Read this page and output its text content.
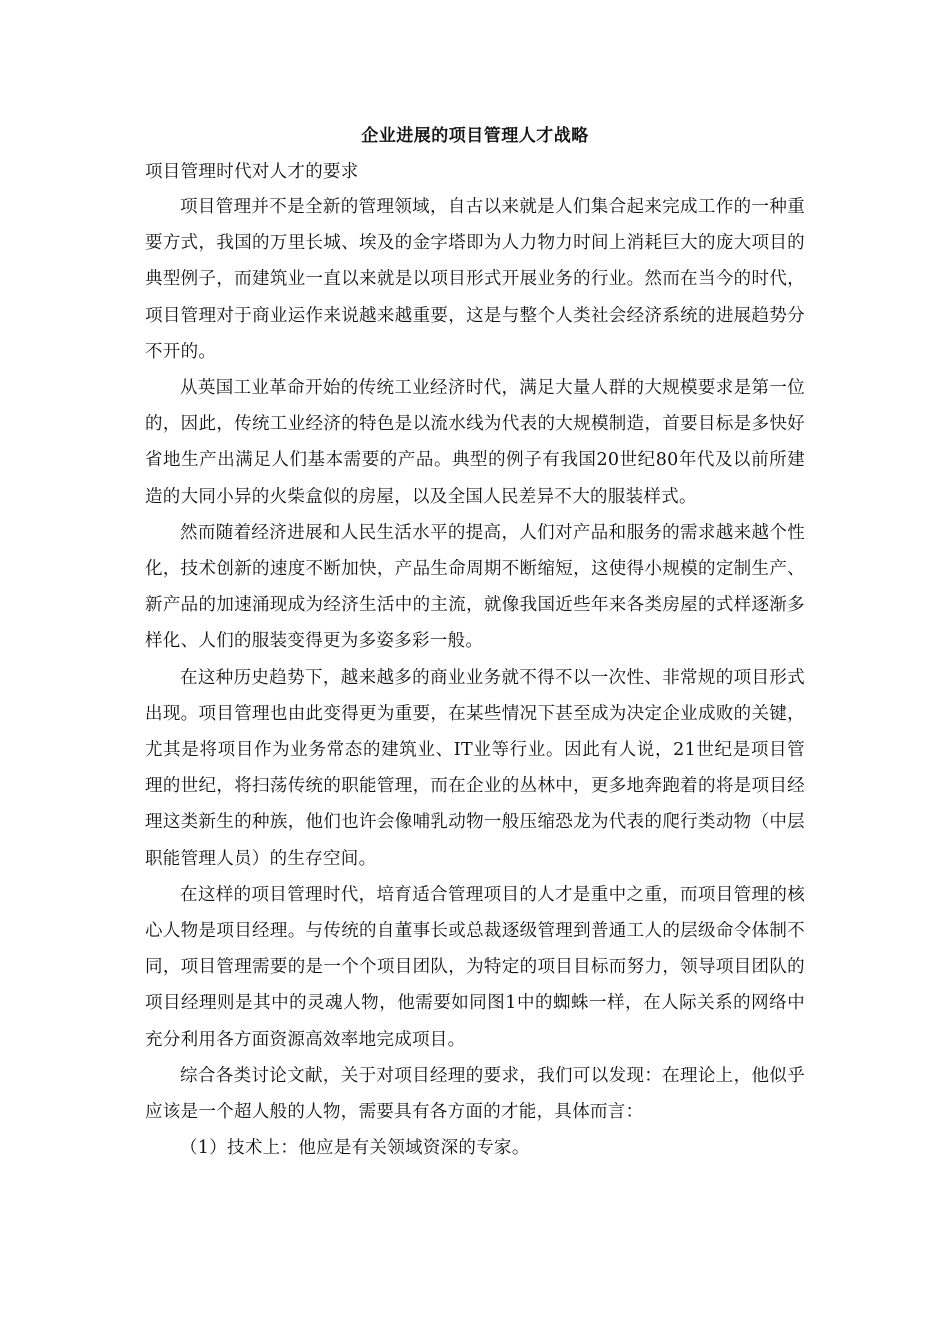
企业进展的项目管理人才战略
项目管理时代对人才的要求

项目管理并不是全新的管理领域，自古以来就是人们集合起来完成工作的一种重要方式，我国的万里长城、埃及的金字塔即为人力物力时间上消耗巨大的庞大项目的典型例子，而建筑业一直以来就是以项目形式开展业务的行业。然而在当今的时代，项目管理对于商业运作来说越来越重要，这是与整个人类社会经济系统的进展趋势分不开的。

从英国工业革命开始的传统工业经济时代，满足大量人群的大规模要求是第一位的，因此，传统工业经济的特色是以流水线为代表的大规模制造，首要目标是多快好省地生产出满足人们基本需要的产品。典型的例子有我国20世纪80年代及以前所建造的大同小异的火柴盒似的房屋，以及全国人民差异不大的服装样式。

然而随着经济进展和人民生活水平的提高，人们对产品和服务的需求越来越个性化，技术创新的速度不断加快，产品生命周期不断缩短，这使得小规模的定制生产、新产品的加速涌现成为经济生活中的主流，就像我国近些年来各类房屋的式样逐渐多样化、人们的服装变得更为多姿多彩一般。

在这种历史趋势下，越来越多的商业业务就不得不以一次性、非常规的项目形式出现。项目管理也由此变得更为重要，在某些情况下甚至成为决定企业成败的关键，尤其是将项目作为业务常态的建筑业、IT业等行业。因此有人说，21世纪是项目管理的世纪，将扫荡传统的职能管理，而在企业的丛林中，更多地奔跑着的将是项目经理这类新生的种族，他们也许会像哺乳动物一般压缩恐龙为代表的爬行类动物（中层职能管理人员）的生存空间。

在这样的项目管理时代，培育适合管理项目的人才是重中之重，而项目管理的核心人物是项目经理。与传统的自董事长或总裁逐级管理到普通工人的层级命令体制不同，项目管理需要的是一个个项目团队，为特定的项目目标而努力，领导项目团队的项目经理则是其中的灵魂人物，他需要如同图1中的蜘蛛一样，在人际关系的网络中充分利用各方面资源高效率地完成项目。

综合各类讨论文献，关于对项目经理的要求，我们可以发现：在理论上，他似乎应该是一个超人般的人物，需要具有各方面的才能，具体而言：

（1）技术上：他应是有关领域资深的专家。
